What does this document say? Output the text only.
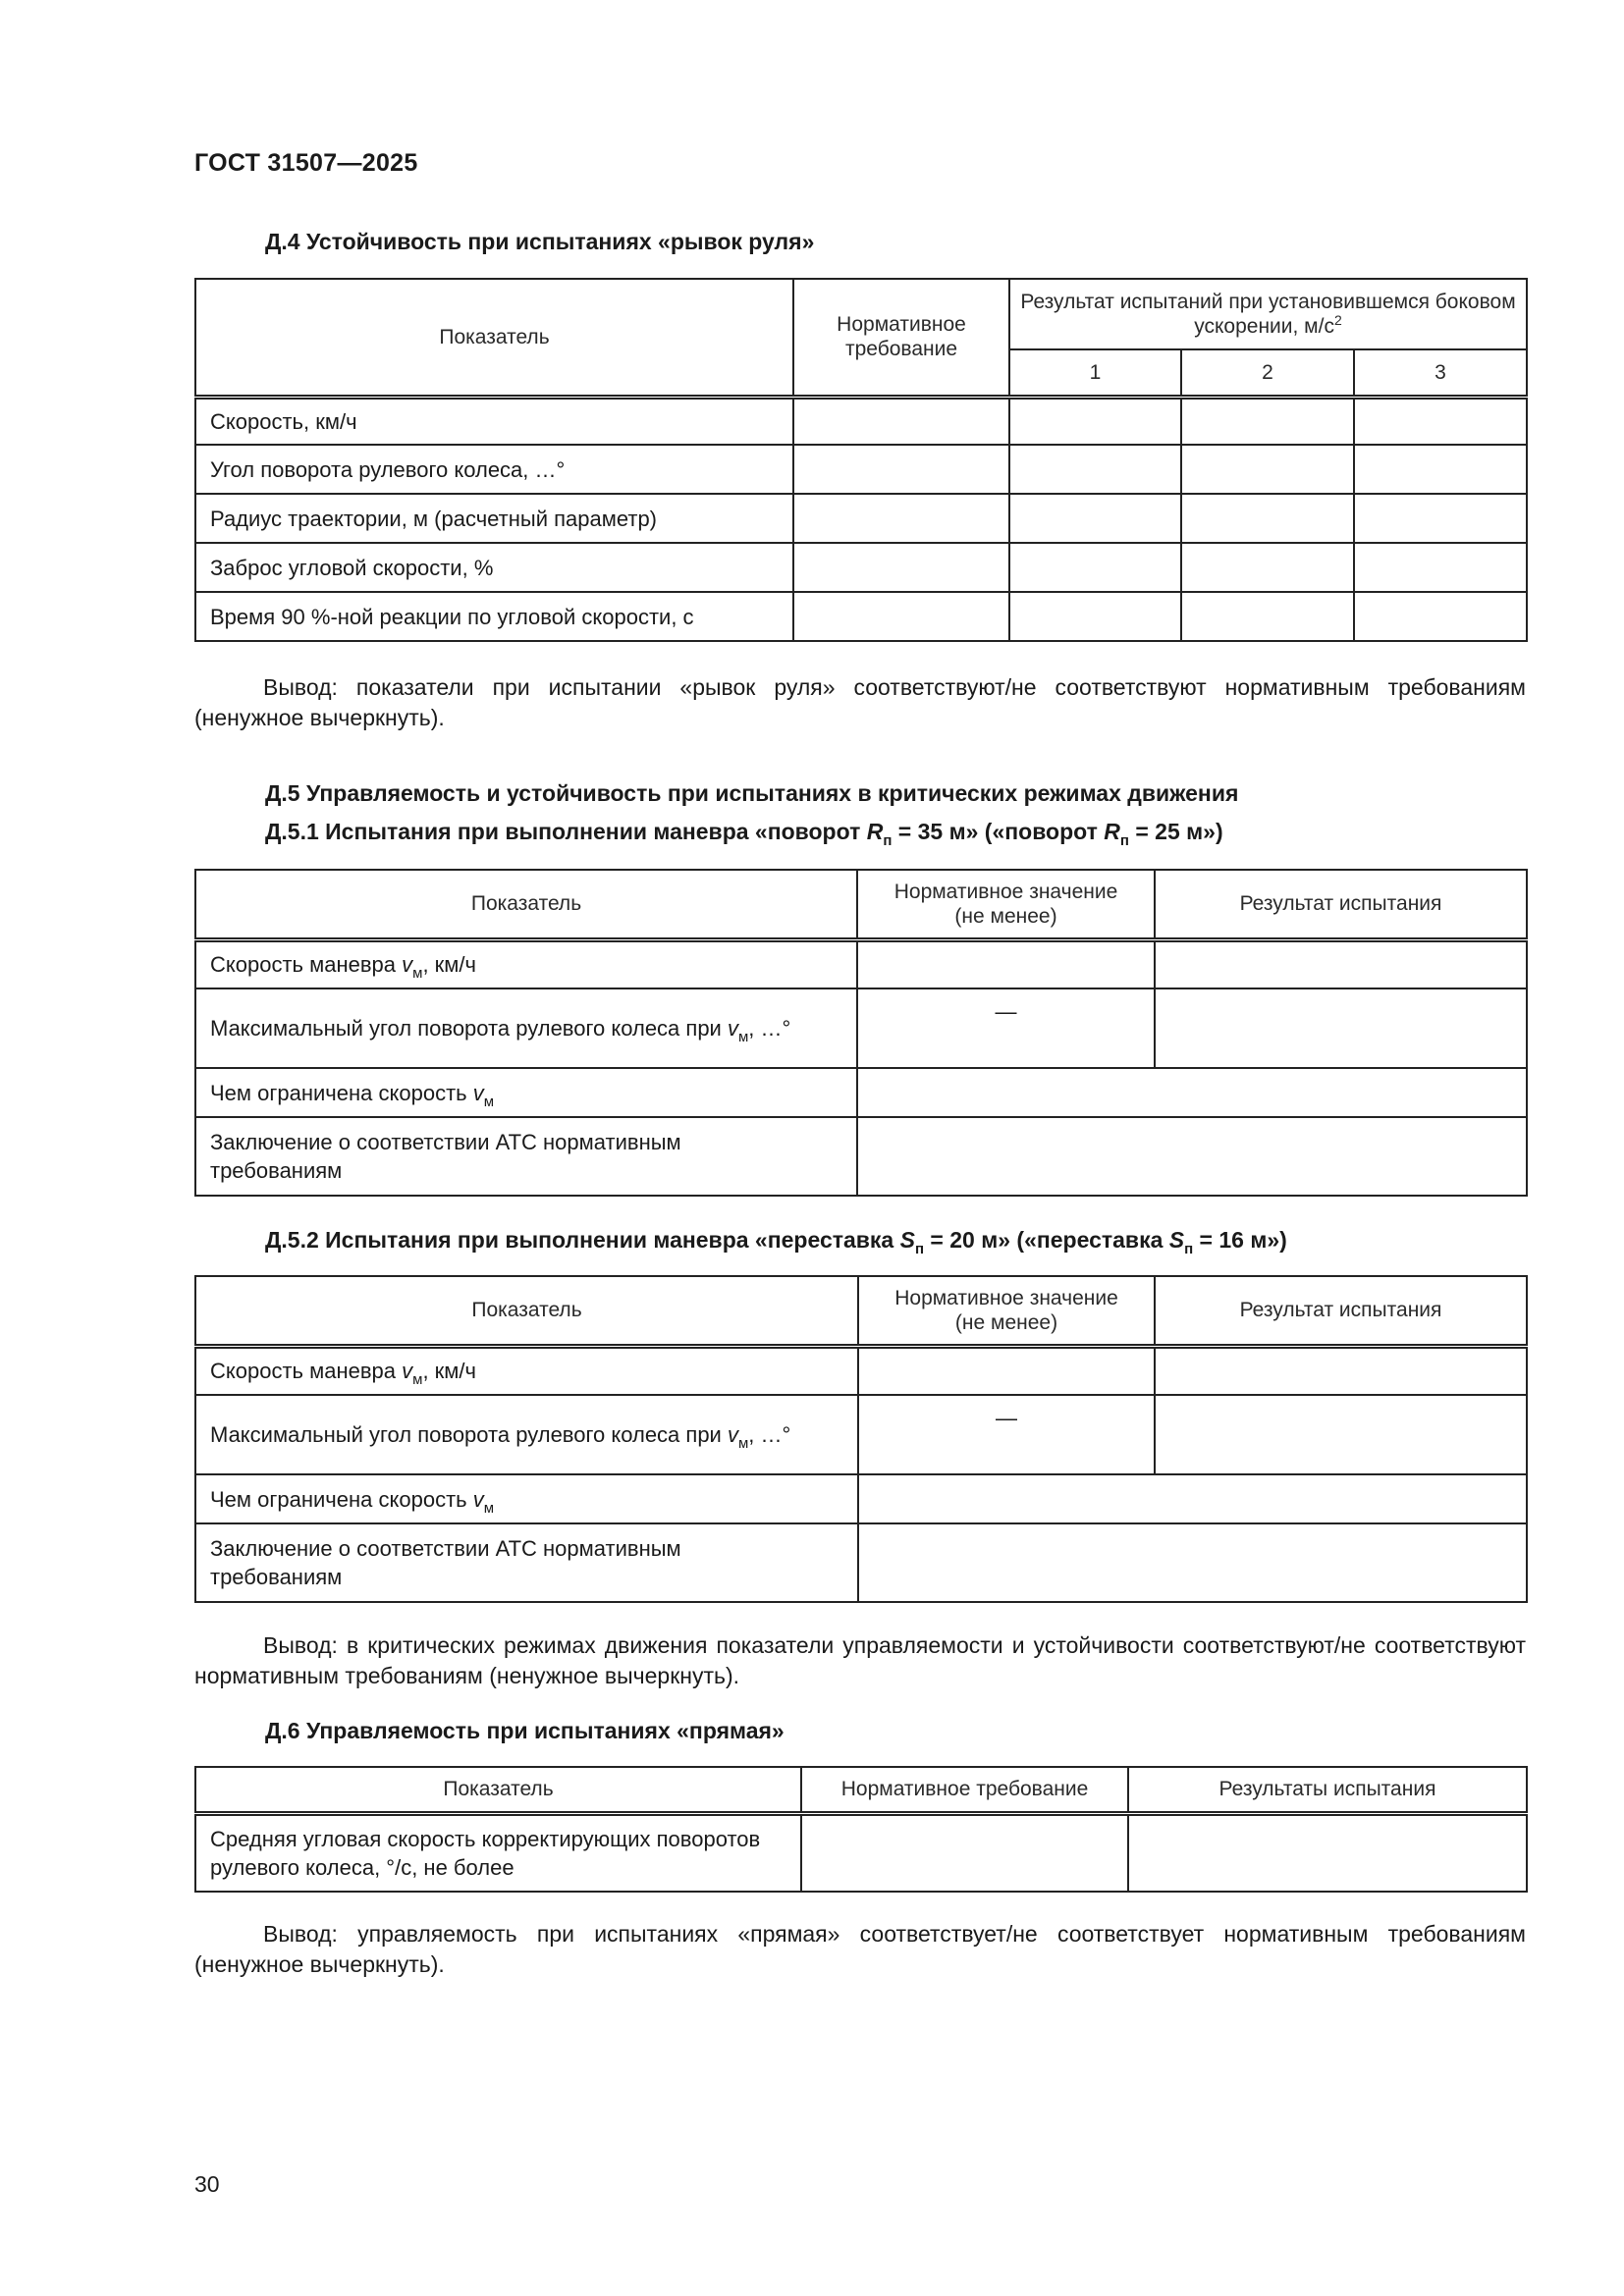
ГОСТ 31507—2025
Д.4 Устойчивость при испытаниях «рывок руля»
Показатель	Нормативное требование	Результат испытаний при установившемся боковом ускорении, $м/с^2$
		1	2	3
Скорость, км/ч				
Угол поворота рулевого колеса, …°				
Радиус траектории, м (расчетный параметр)				
Заброс угловой скорости, %				
Время 90 %-ной реакции по угловой скорости, с				
Вывод: показатели при испытании «рывок руля» соответствуют/не соответствуют нормативным требованиям (ненужное вычеркнуть).
Д.5 Управляемость и устойчивость при испытаниях в критических режимах движения
Д.5.1 Испытания при выполнении маневра «поворот $R_п = 35$ м» («поворот $R_п = 25$ м»)
Показатель	Нормативное значение (не менее)	Результат испытания
Скорость маневра $v_м$, км/ч		
Максимальный угол поворота рулевого колеса при $v_м$, …°	—	
Чем ограничена скорость $v_м$	
Заключение о соответствии АТС нормативным требованиям		
Д.5.2 Испытания при выполнении маневра «переставка $S_п = 20$ м» («переставка $S_п = 16$ м»)
Показатель	Нормативное значение (не менее)	Результат испытания
Скорость маневра $v_м$, км/ч		
Максимальный угол поворота рулевого колеса при $v_м$, …°	—	
Чем ограничена скорость $v_м$	
Заключение о соответствии АТС нормативным требованиям		
Вывод: в критических режимах движения показатели управляемости и устойчивости соответствуют/не соответствуют нормативным требованиям (ненужное вычеркнуть).
Д.6 Управляемость при испытаниях «прямая»
Показатель	Нормативное требование	Результаты испытания
Средняя угловая скорость корректирующих поворотов рулевого колеса, °/с, не более		
Вывод: управляемость при испытаниях «прямая» соответствует/не соответствует нормативным требованиям (ненужное вычеркнуть).
30
